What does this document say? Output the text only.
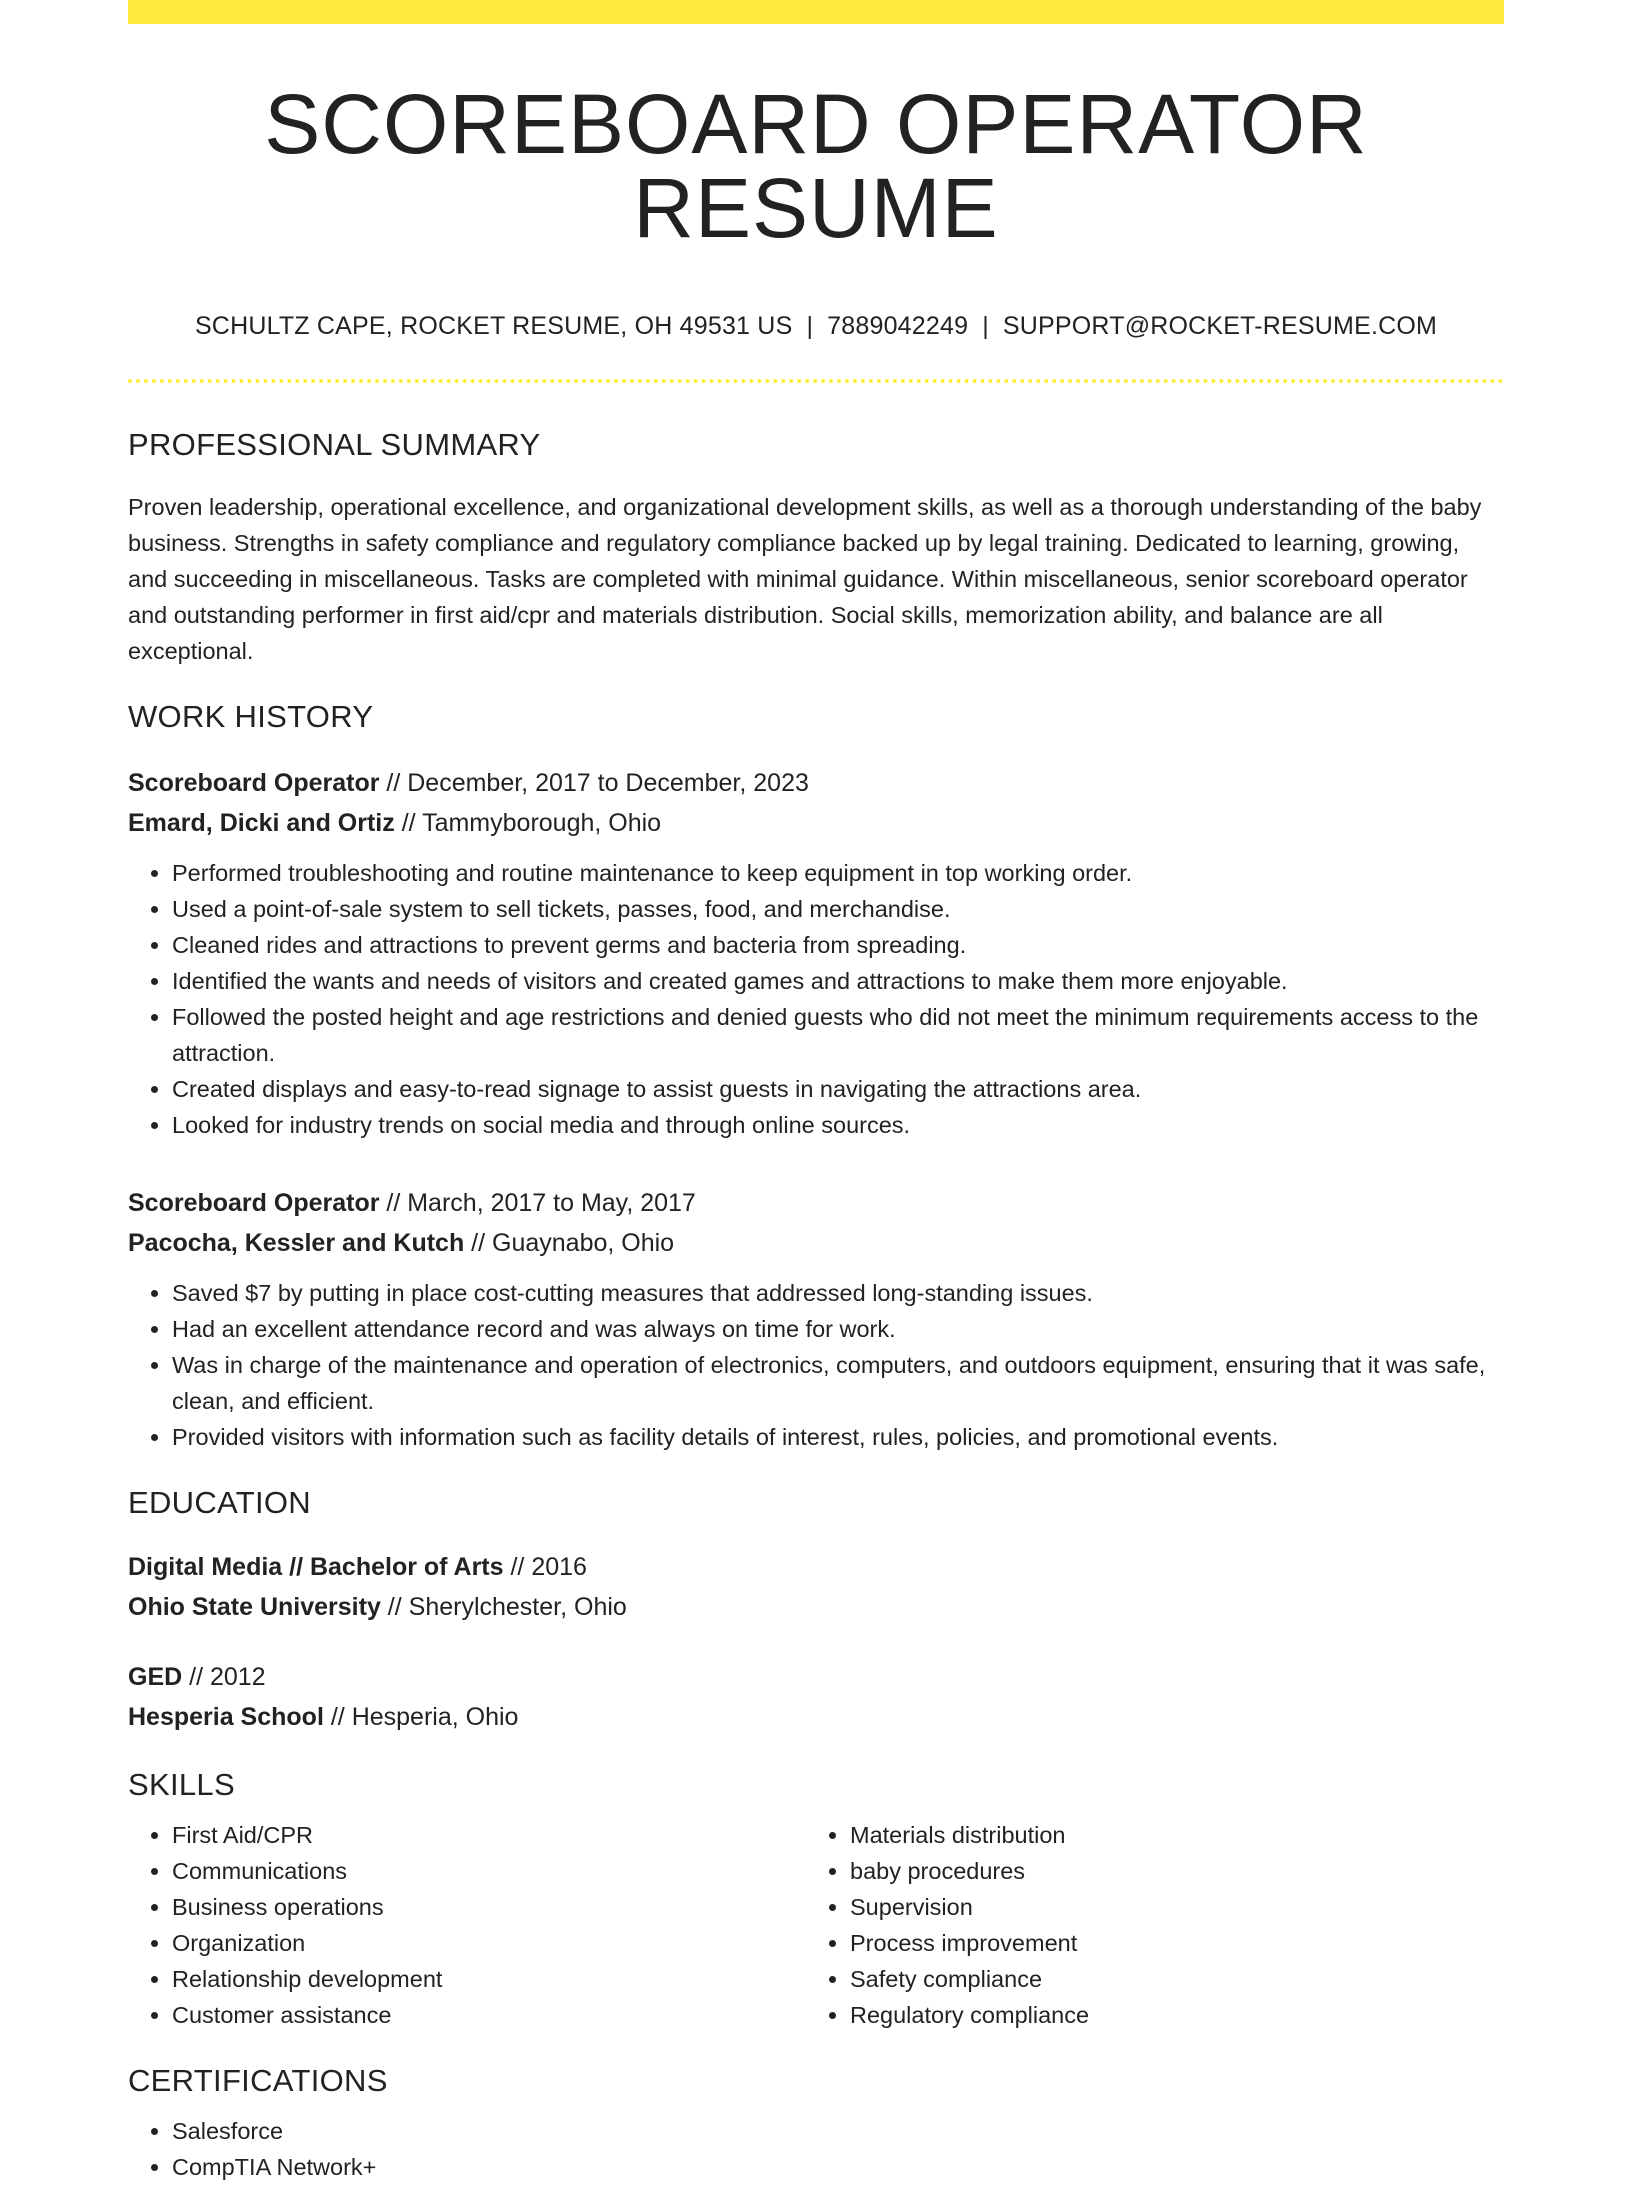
SCOREBOARD OPERATOR RESUME
SCHULTZ CAPE, ROCKET RESUME, OH 49531 US | 7889042249 | SUPPORT@ROCKET-RESUME.COM
PROFESSIONAL SUMMARY

Proven leadership, operational excellence, and organizational development skills, as well as a thorough understanding of the baby business. Strengths in safety compliance and regulatory compliance backed up by legal training. Dedicated to learning, growing, and succeeding in miscellaneous. Tasks are completed with minimal guidance. Within miscellaneous, senior scoreboard operator and outstanding performer in first aid/cpr and materials distribution. Social skills, memorization ability, and balance are all exceptional.

WORK HISTORY
Scoreboard Operator // December, 2017 to December, 2023
Emard, Dicki and Ortiz // Tammyborough, Ohio
• Performed troubleshooting and routine maintenance to keep equipment in top working order.
• Used a point-of-sale system to sell tickets, passes, food, and merchandise.
• Cleaned rides and attractions to prevent germs and bacteria from spreading.
• Identified the wants and needs of visitors and created games and attractions to make them more enjoyable.
• Followed the posted height and age restrictions and denied guests who did not meet the minimum requirements access to the attraction.
• Created displays and easy-to-read signage to assist guests in navigating the attractions area.
• Looked for industry trends on social media and through online sources.
Scoreboard Operator // March, 2017 to May, 2017
Pacocha, Kessler and Kutch // Guaynabo, Ohio
• Saved $7 by putting in place cost-cutting measures that addressed long-standing issues.
• Had an excellent attendance record and was always on time for work.
• Was in charge of the maintenance and operation of electronics, computers, and outdoors equipment, ensuring that it was safe, clean, and efficient.
• Provided visitors with information such as facility details of interest, rules, policies, and promotional events.
EDUCATION
Digital Media // Bachelor of Arts // 2016
Ohio State University // Sherylchester, Ohio
GED // 2012
Hesperia School // Hesperia, Ohio
SKILLS
• First Aid/CPR
• Communications
• Business operations
• Organization
• Relationship development
• Customer assistance
• Materials distribution
• baby procedures
• Supervision
• Process improvement
• Safety compliance
• Regulatory compliance
CERTIFICATIONS
• Salesforce
• CompTIA Network+
